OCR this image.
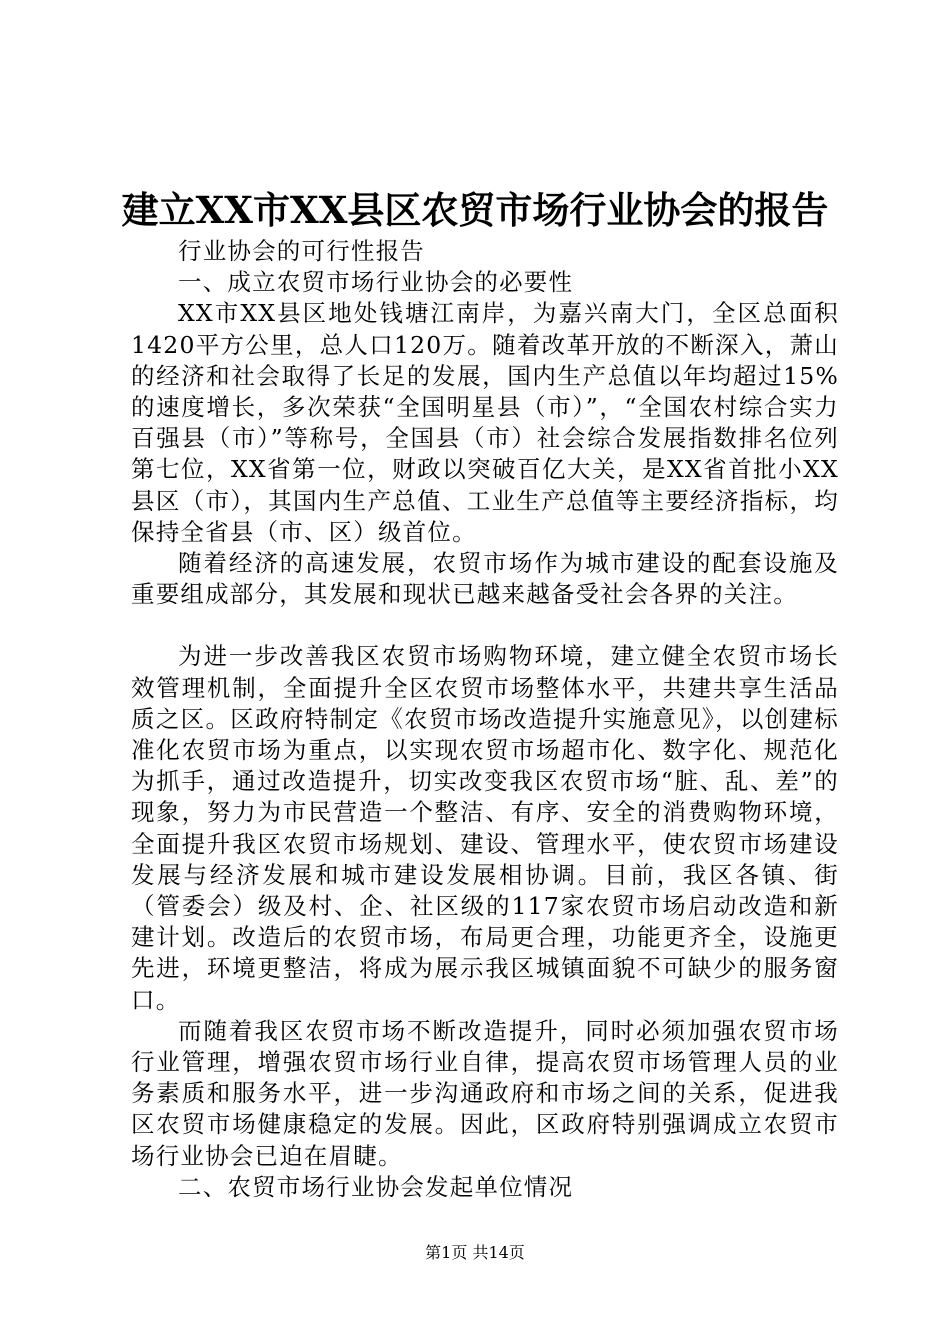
建立XX市XX县区农贸市场行业协会的报告

行业协会的可行性报告

一、成立农贸市场行业协会的必要性

XX市XX县区地处钱塘江南岸，为嘉兴南大门，全区总面积1420平方公里，总人口120万。随着改革开放的不断深入，萧山的经济和社会取得了长足的发展，国内生产总值以年均超过15%的速度增长，多次荣获“全国明星县（市）”，“全国农村综合实力百强县（市）”等称号，全国县（市）社会综合发展指数排名位列第七位，XX省第一位，财政以突破百亿大关，是XX省首批小XX县区（市），其国内生产总值、工业生产总值等主要经济指标，均保持全省县（市、区）级首位。

随着经济的高速发展，农贸市场作为城市建设的配套设施及重要组成部分，其发展和现状已越来越备受社会各界的关注。

为进一步改善我区农贸市场购物环境，建立健全农贸市场长效管理机制，全面提升全区农贸市场整体水平，共建共享生活品质之区。区政府特制定《农贸市场改造提升实施意见》，以创建标准化农贸市场为重点，以实现农贸市场超市化、数字化、规范化为抓手，通过改造提升，切实改变我区农贸市场“脏、乱、差”的现象，努力为市民营造一个整洁、有序、安全的消费购物环境，全面提升我区农贸市场规划、建设、管理水平，使农贸市场建设发展与经济发展和城市建设发展相协调。目前，我区各镇、街（管委会）级及村、企、社区级的117家农贸市场启动改造和新建计划。改造后的农贸市场，布局更合理，功能更齐全，设施更先进，环境更整洁，将成为展示我区城镇面貌不可缺少的服务窗口。

而随着我区农贸市场不断改造提升，同时必须加强农贸市场行业管理，增强农贸市场行业自律，提高农贸市场管理人员的业务素质和服务水平，进一步沟通政府和市场之间的关系，促进我区农贸市场健康稳定的发展。因此，区政府特别强调成立农贸市场行业协会已迫在眉睫。

二、农贸市场行业协会发起单位情况

第1页 共14页
